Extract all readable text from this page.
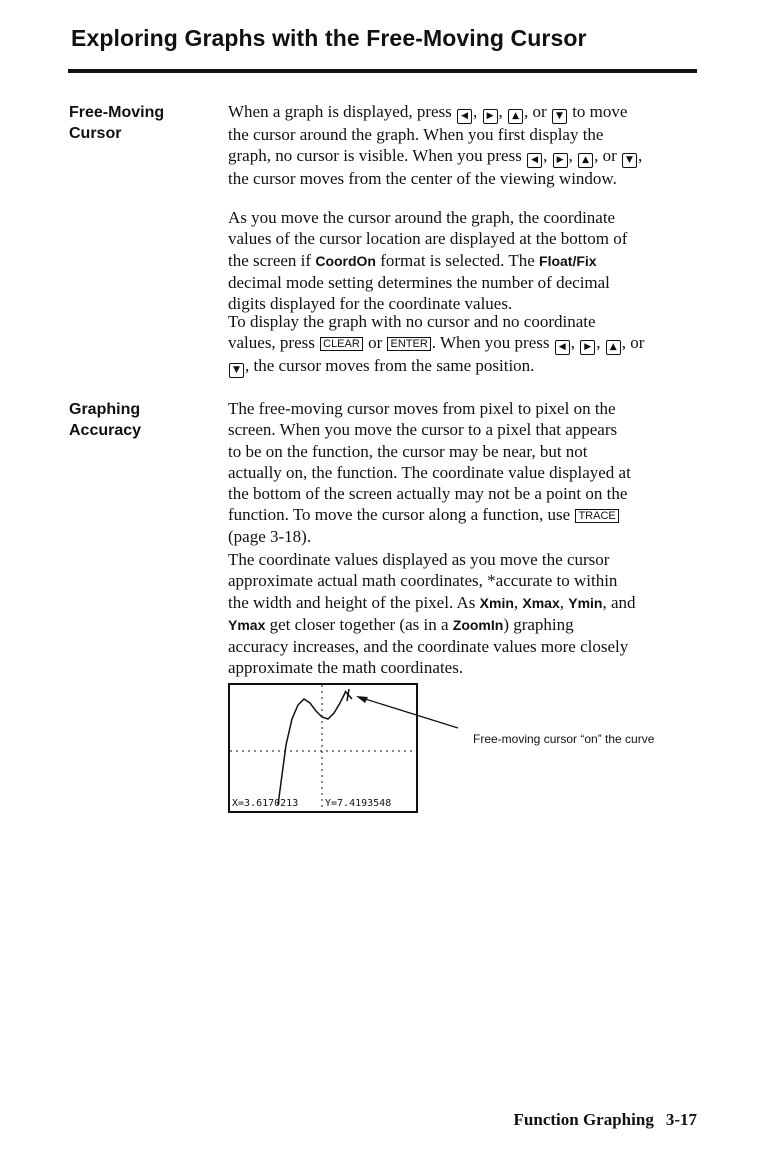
Exploring Graphs with the Free-Moving Cursor
Free-Moving
Cursor

When a graph is displayed, press ◀ , ▶ , ▲ , or ▼ to move
the cursor around the graph. When you first display the
graph, no cursor is visible. When you press ◀ , ▶ , ▲ , or ▼ ,
the cursor moves from the center of the viewing window.

As you move the cursor around the graph, the coordinate
values of the cursor location are displayed at the bottom of
the screen if CoordOn format is selected. The Float/Fix
decimal mode setting determines the number of decimal
digits displayed for the coordinate values.

To display the graph with no cursor and no coordinate
values, press CLEAR or ENTER . When you press ◀ , ▶ , ▲ , or
▼ , the cursor moves from the same position.

Graphing
Accuracy

The free-moving cursor moves from pixel to pixel on the
screen. When you move the cursor to a pixel that appears
to be on the function, the cursor may be near, but not
actually on, the function. The coordinate value displayed at
the bottom of the screen actually may not be a point on the
function. To move the cursor along a function, use TRACE
(page 3-18).

The coordinate values displayed as you move the cursor
approximate actual math coordinates, *accurate to within
the width and height of the pixel. As Xmin, Xmax, Ymin, and
Ymax get closer together (as in a ZoomIn) graphing
accuracy increases, and the coordinate values more closely
approximate the math coordinates.

X=3.6170213	Y=7.4193548
Free-moving cursor “on” the curve
Function Graphing 3-17
